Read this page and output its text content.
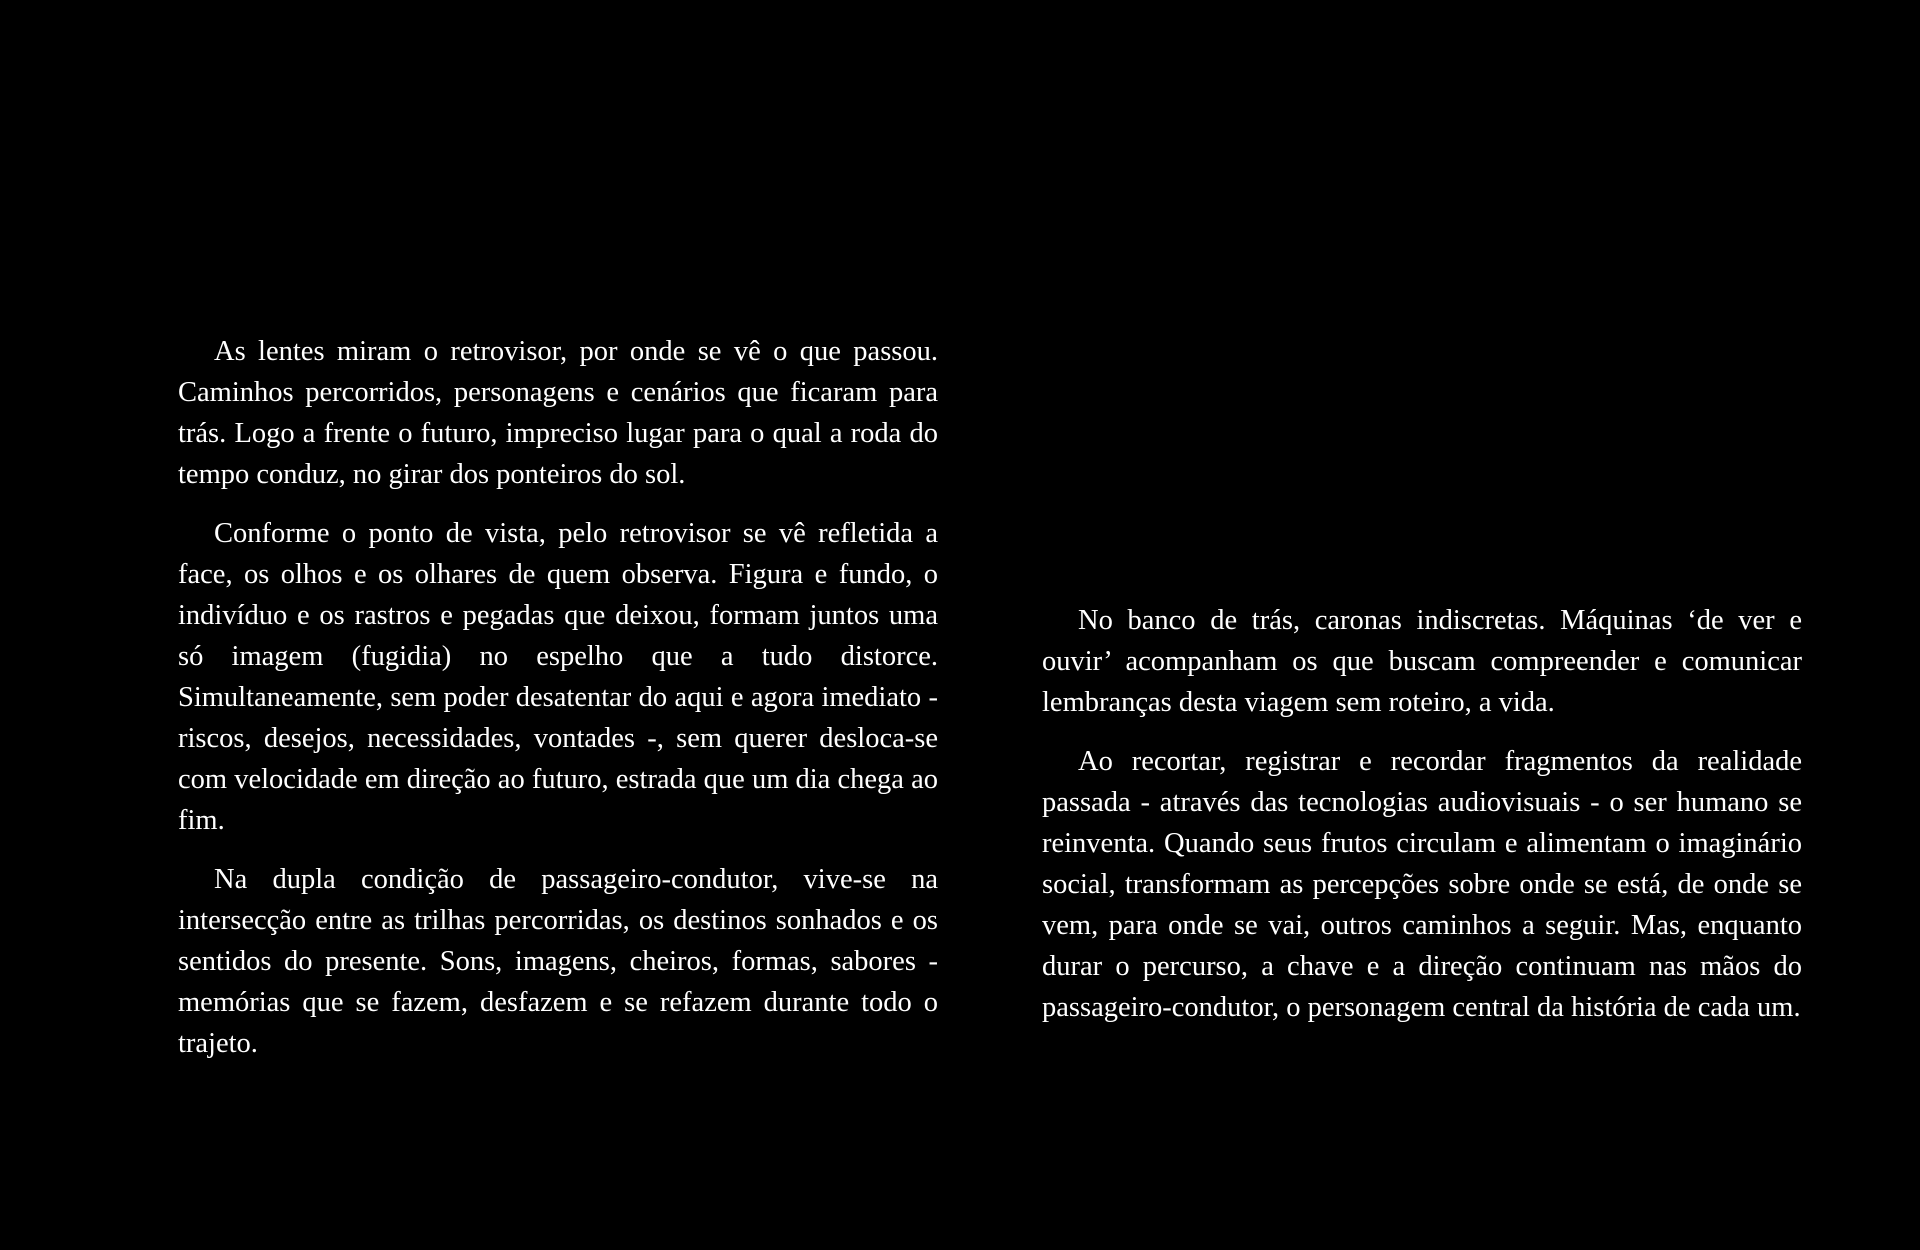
As lentes miram o retrovisor, por onde se vê o que passou. Caminhos percorridos, personagens e cenários que ficaram para trás. Logo a frente o futuro, impreciso lugar para o qual a roda do tempo conduz, no girar dos ponteiros do sol.

Conforme o ponto de vista, pelo retrovisor se vê refletida a face, os olhos e os olhares de quem observa. Figura e fundo, o indivíduo e os rastros e pegadas que deixou, formam juntos uma só imagem (fugidia) no espelho que a tudo distorce. Simultaneamente, sem poder desatentar do aqui e agora imediato - riscos, desejos, necessidades, vontades -, sem querer desloca-se com velocidade em direção ao futuro, estrada que um dia chega ao fim.

Na dupla condição de passageiro-condutor, vive-se na intersecção entre as trilhas percorridas, os destinos sonhados e os sentidos do presente. Sons, imagens, cheiros, formas, sabores - memórias que se fazem, desfazem e se refazem durante todo o trajeto.

No banco de trás, caronas indiscretas. Máquinas ‘de ver e ouvir’ acompanham os que buscam compreender e comunicar lembranças desta viagem sem roteiro, a vida.

Ao recortar, registrar e recordar fragmentos da realidade passada - através das tecnologias audiovisuais - o ser humano se reinventa. Quando seus frutos circulam e alimentam o imaginário social, transformam as percepções sobre onde se está, de onde se vem, para onde se vai, outros caminhos a seguir. Mas, enquanto durar o percurso, a chave e a direção continuam nas mãos do passageiro-condutor, o personagem central da história de cada um.
